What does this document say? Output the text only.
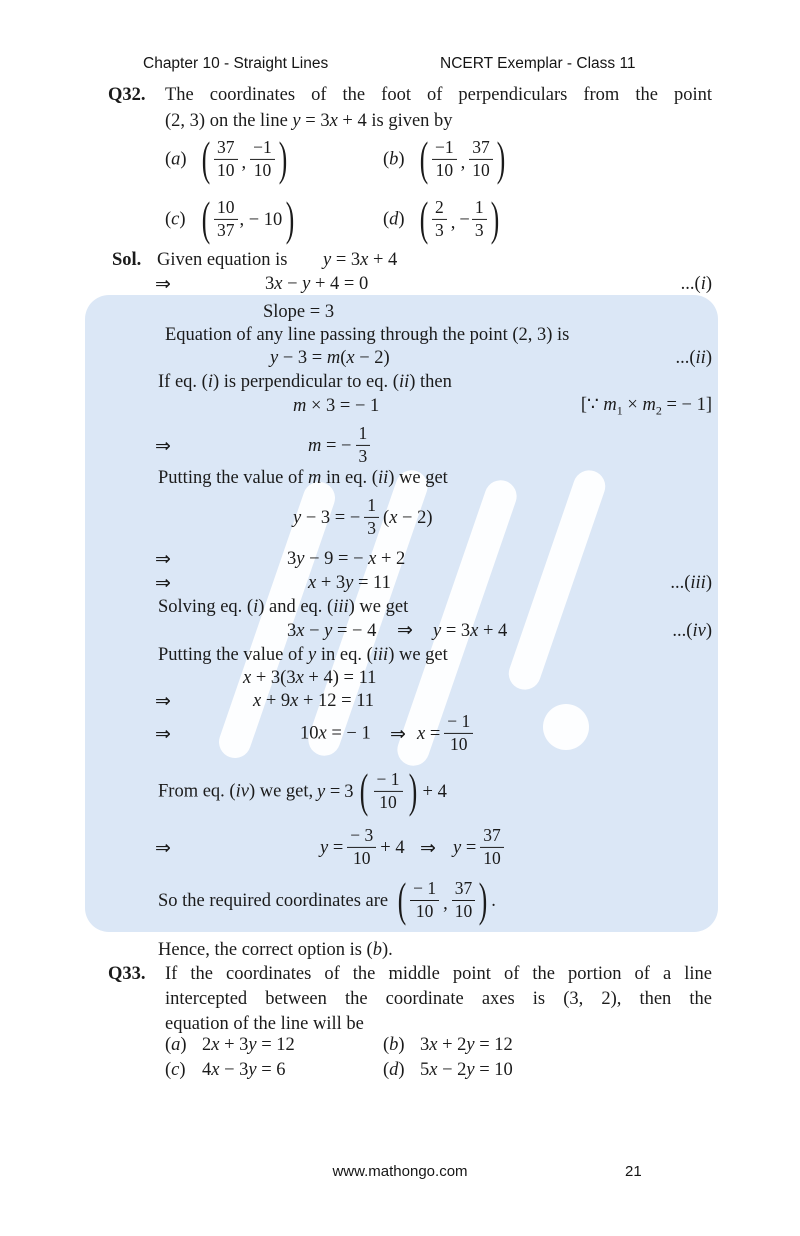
Chapter 10 - Straight Lines	NCERT Exemplar - Class 11
Q32. The coordinates of the foot of perpendiculars from the point
(2, 3) on the line y = 3x + 4 is given by
(a) ( $\frac{37}{10}$ , $\frac{-1}{10}$ )	(b) ( $\frac{-1}{10}$ , $\frac{37}{10}$ )
(c) ( $\frac{10}{37}$ , − 10 )	(d) ( $\frac{2}{3}$ , − $\frac{1}{3}$ )
Sol. Given equation is y = 3x + 4
⇒	3x − y + 4 = 0	...(i)
Slope = 3
Equation of any line passing through the point (2, 3) is
y − 3 = m(x − 2)	...(ii)
If eq. (i) is perpendicular to eq. (ii) then
m × 3 = − 1	[∵ $m_1 \times m_2$ = − 1]
⇒	m = − $\frac{1}{3}$
Putting the value of m in eq. (ii) we get
y − 3 = − $\frac{1}{3} (x - 2)$
⇒	3y − 9 = − x + 2
⇒	x + 3y = 11	...(iii)
Solving eq. (i) and eq. (iii) we get
3x − y = − 4 ⇒ y = 3x + 4	...(iv)
Putting the value of y in eq. (iii) we get
x + 3(3x + 4) = 11
⇒	x + 9x + 12 = 11
⇒	10x = − 1 ⇒ $x = \frac{- 1}{10}$
From eq. (iv) we get, y = 3 ( $\frac{- 1}{10}$ ) + 4
⇒	$y = \frac{- 3}{10} + 4$ ⇒ $y = \frac{37}{10}$
So the required coordinates are ( $\frac{- 1}{10}$ , $\frac{37}{10}$ ) .
Hence, the correct option is (b).
Q33. If the coordinates of the middle point of the portion of a line
intercepted between the coordinate axes is (3, 2), then the
equation of the line will be
(a) 2x + 3y = 12	(b) 3x + 2y = 12
(c) 4x − 3y = 6	(d) 5x − 2y = 10
www.mathongo.com	21
